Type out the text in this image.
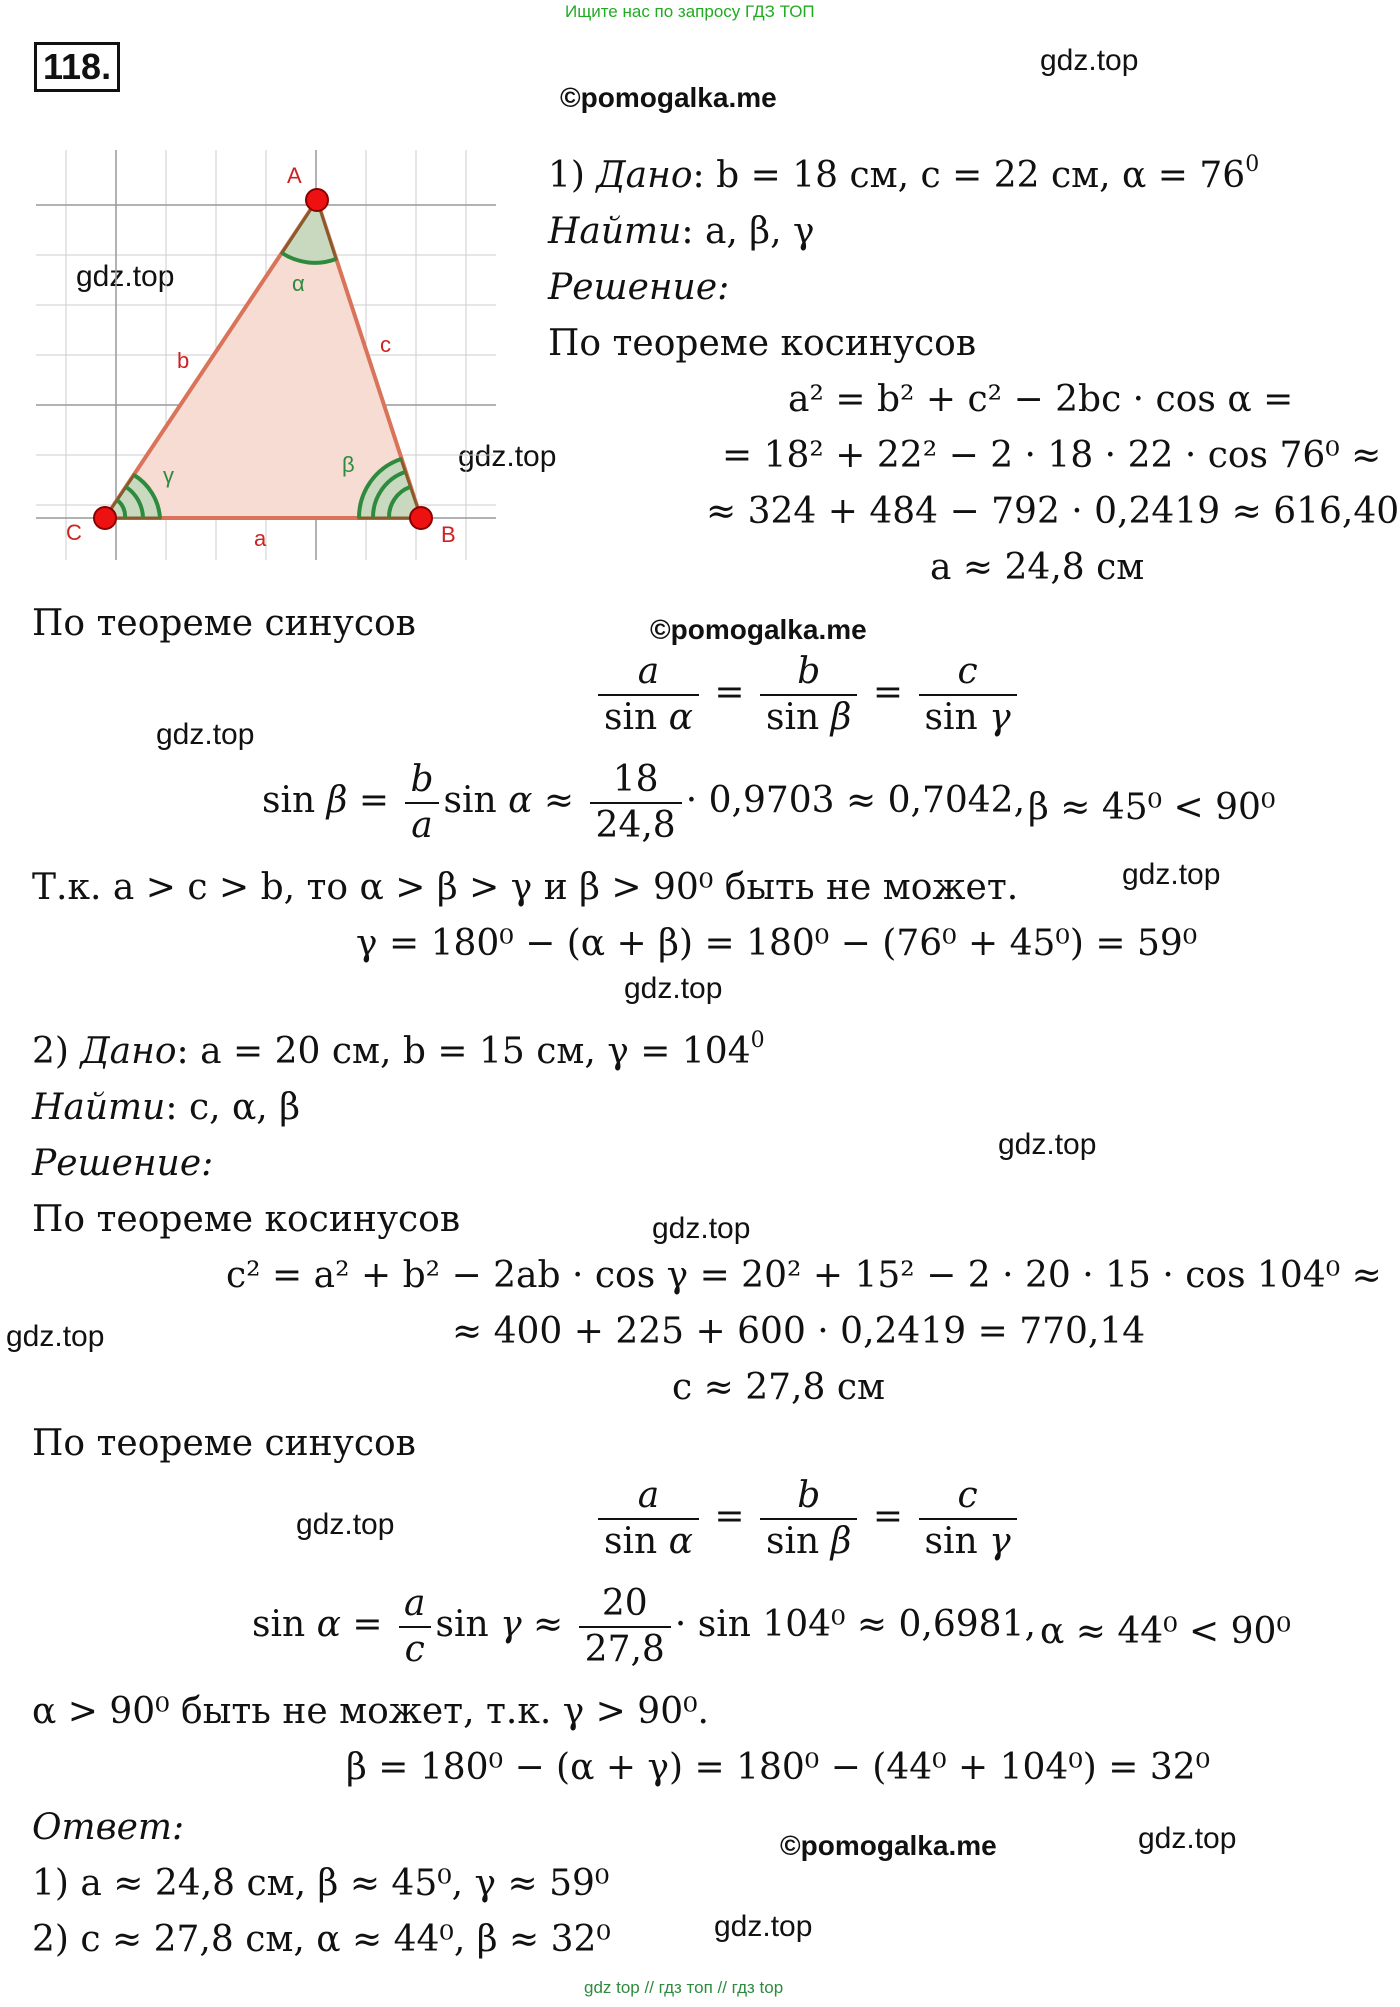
Ищите нас по запросу ГДЗ ТОП
118.	gdz.top
©pomogalka.me
gdz.top
gdz.top
©pomogalka.me
gdz.top
gdz.top
gdz.top
gdz.top
gdz.top
gdz.top
gdz.top
gdz.top
©pomogalka.me
gdz.top
A
B
C	a
b
c
α
β
γ
1) Дано: b = 18 см, c = 22 см, $\alpha = 76^0$
Найти: a, β, γ
Решение:
По теореме косинусов
a² = b² + c² − 2bc · cos α =
= 18² + 22² − 2 · 18 · 22 · cos 76⁰ ≈
≈ 324 + 484 − 792 · 0,2419 ≈ 616,40
a ≈ 24,8 см
По теореме синусов
$\frac{a}{\text{sin α}} = \frac{b}{\text{sin β}} = \frac{c}{\text{sin γ}}$
$\sin \beta = \frac{b}{a}$ $\sin \alpha \approx \frac{18}{24,8} \cdot 0,9703 \approx 0,7042$, β ≈ 45⁰ < 90⁰
Т.к. a > c > b, то α > β > γ и β > 90⁰ быть не может.
γ = 180⁰ − (α + β) = 180⁰ − (76⁰ + 45⁰) = 59⁰
2) Дано: a = 20 см, b = 15 см, $\gamma = 104^0$
Найти: c, α, β
Решение:
По теореме косинусов
c² = a² + b² − 2ab · cos γ = 20² + 15² − 2 · 20 · 15 · cos 104⁰ ≈
≈ 400 + 225 + 600 · 0,2419 = 770,14
c ≈ 27,8 см
По теореме синусов
$\frac{a}{\text{sin α}} = \frac{b}{\text{sin β}} = \frac{c}{\text{sin γ}}$
$\sin \alpha = \frac{a}{c}$ $\sin \gamma \approx \frac{20}{27,8} \cdot \sin 104^0 \approx 0,6981$, α ≈ 44⁰ < 90⁰
α > 90⁰ быть не может, т.к. γ > 90⁰.
β = 180⁰ − (α + γ) = 180⁰ − (44⁰ + 104⁰) = 32⁰
Ответ:
1) a ≈ 24,8 см, β ≈ 45⁰, γ ≈ 59⁰
2) c ≈ 27,8 см, α ≈ 44⁰, β ≈ 32⁰
gdz top // гдз топ // гдз top
